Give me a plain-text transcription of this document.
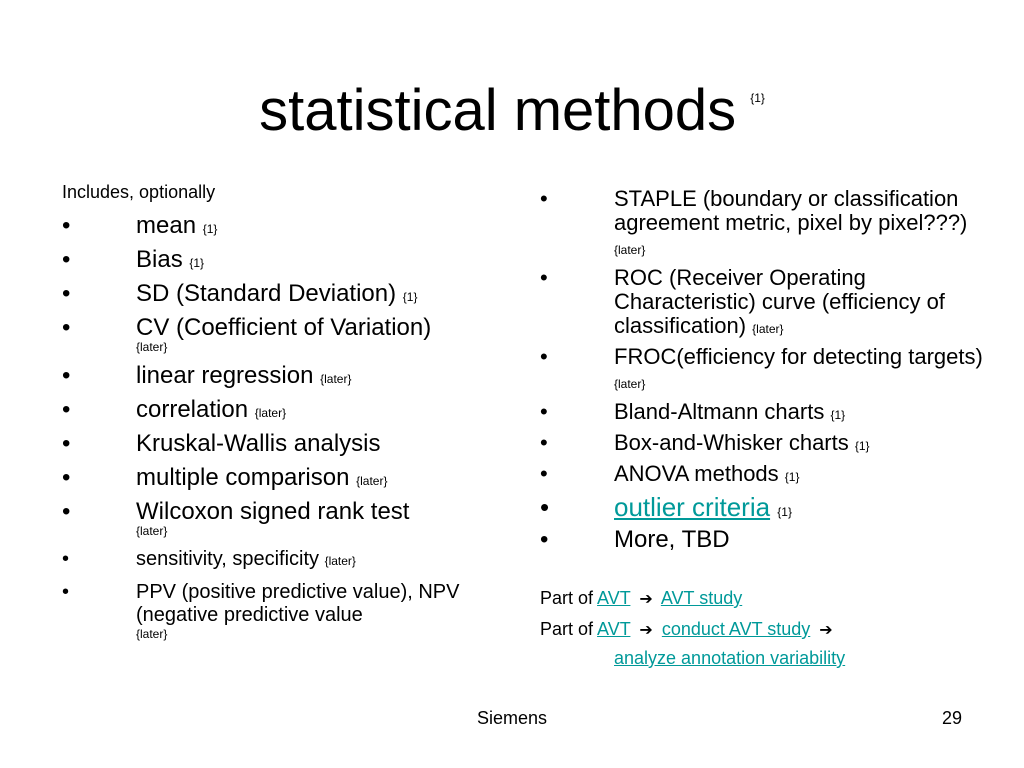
statistical methods $^{\{1\}}$
Includes, optionally
•	mean {1}
•	Bias {1}
•	SD (Standard Deviation) {1}
•	CV (Coefficient of Variation)
{later}
•	linear regression {later}
•	correlation {later}
•	Kruskal-Wallis analysis
•	multiple comparison {later}
•	Wilcoxon signed rank test
{later}
•	sensitivity, specificity {later}
•	PPV (positive predictive value), NPV (negative predictive value
{later}
•	STAPLE (boundary or classification agreement metric, pixel by pixel???) {later}
•	ROC (Receiver Operating Characteristic) curve (efficiency of classification) {later}
•	FROC(efficiency for detecting targets) {later}
•	Bland-Altmann charts {1}
•	Box-and-Whisker charts {1}
•	ANOVA methods {1}
•	outlier criteria {1}
•	More, TBD
Part of AVT ➔ AVT study
Part of AVT ➔ conduct AVT study ➔
analyze annotation variability
Siemens	29
